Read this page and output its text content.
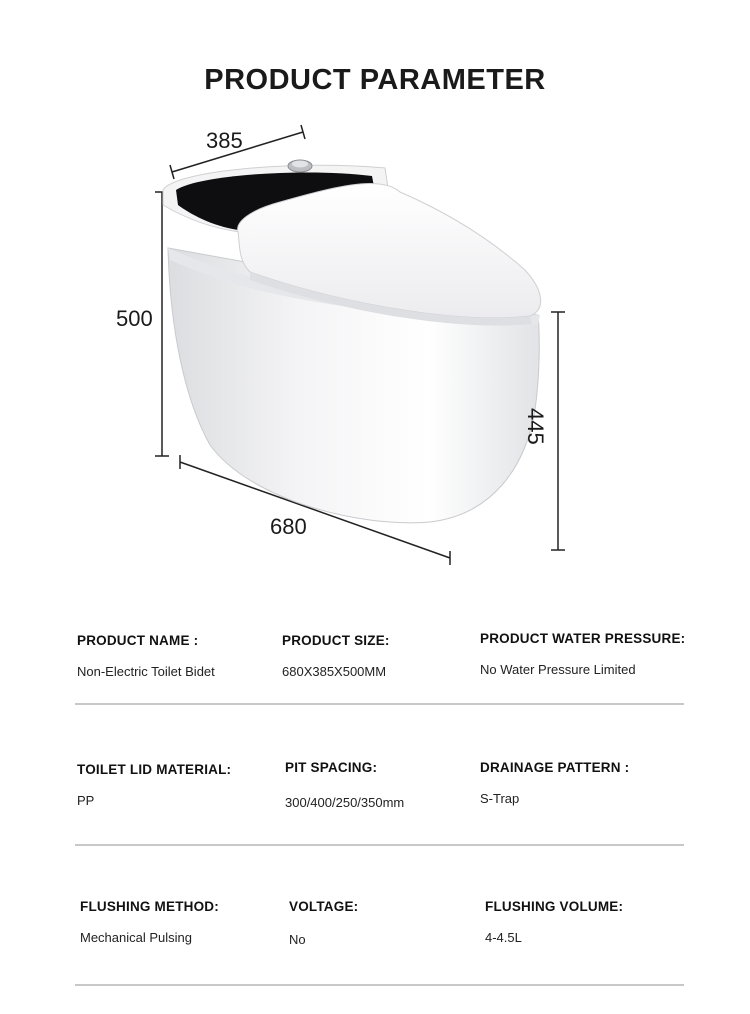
PRODUCT PARAMETER
385
500
680
445
PRODUCT NAME :
Non-Electric Toilet Bidet
PRODUCT SIZE:
680X385X500MM
PRODUCT WATER PRESSURE:
No Water Pressure Limited
TOILET LID MATERIAL:
PP
PIT SPACING:
300/400/250/350mm
DRAINAGE PATTERN :
S-Trap
FLUSHING METHOD:
Mechanical Pulsing
VOLTAGE:
No
FLUSHING VOLUME:
4-4.5L
